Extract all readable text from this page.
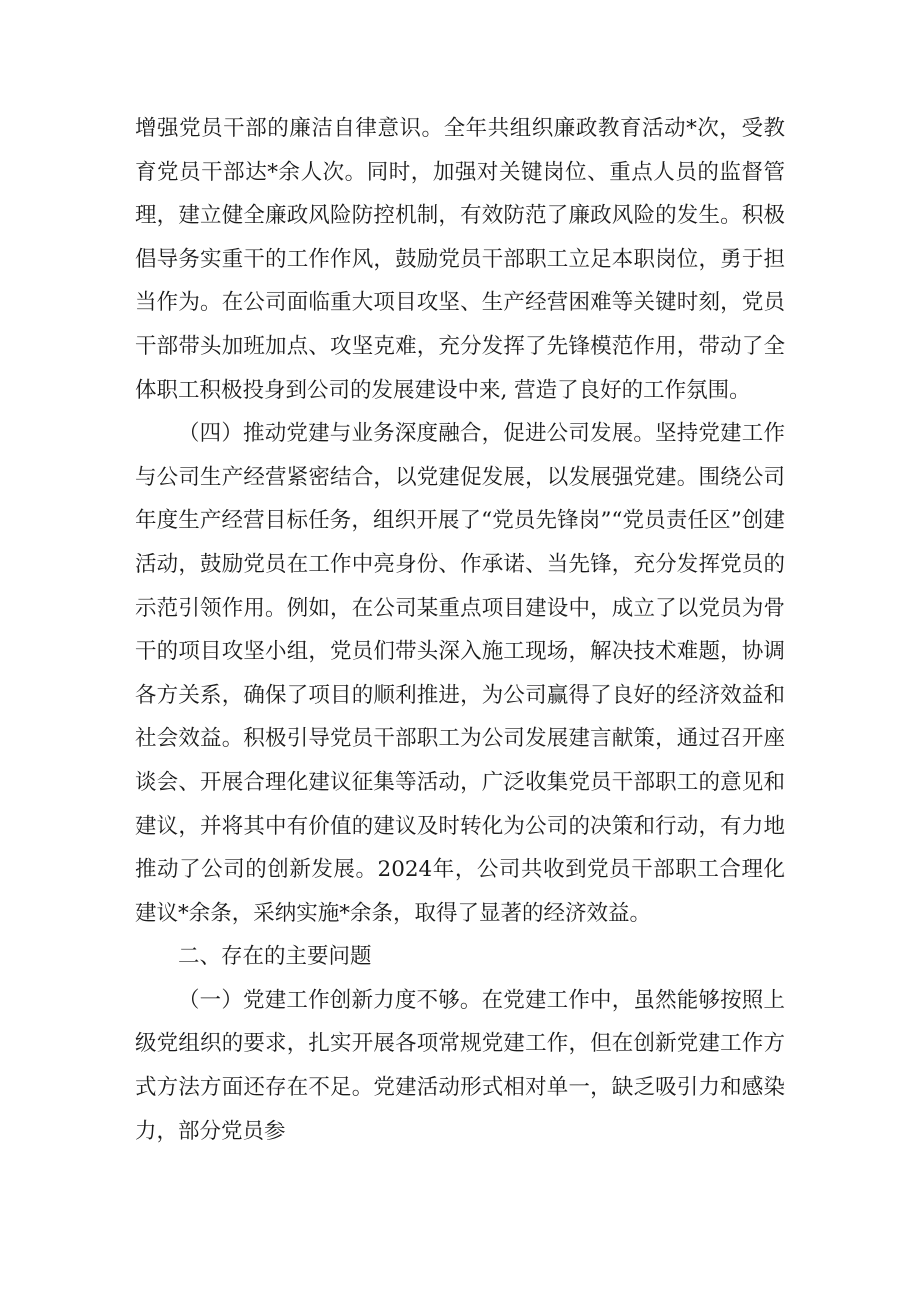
增强党员干部的廉洁自律意识。全年共组织廉政教育活动*次，受教育党员干部达*余人次。同时，加强对关键岗位、重点人员的监督管理，建立健全廉政风险防控机制，有效防范了廉政风险的发生。积极倡导务实重干的工作作风，鼓励党员干部职工立足本职岗位，勇于担当作为。在公司面临重大项目攻坚、生产经营困难等关键时刻，党员干部带头加班加点、攻坚克难，充分发挥了先锋模范作用，带动了全体职工积极投身到公司的发展建设中来, 营造了良好的工作氛围。

（四）推动党建与业务深度融合，促进公司发展。坚持党建工作与公司生产经营紧密结合，以党建促发展，以发展强党建。围绕公司年度生产经营目标任务，组织开展了“党员先锋岗”“党员责任区”创建活动，鼓励党员在工作中亮身份、作承诺、当先锋，充分发挥党员的示范引领作用。例如，在公司某重点项目建设中，成立了以党员为骨干的项目攻坚小组，党员们带头深入施工现场，解决技术难题，协调各方关系，确保了项目的顺利推进，为公司赢得了良好的经济效益和社会效益。积极引导党员干部职工为公司发展建言献策，通过召开座谈会、开展合理化建议征集等活动，广泛收集党员干部职工的意见和建议，并将其中有价值的建议及时转化为公司的决策和行动，有力地推动了公司的创新发展。2024年，公司共收到党员干部职工合理化建议*余条，采纳实施*余条，取得了显著的经济效益。

二、存在的主要问题

（一）党建工作创新力度不够。在党建工作中，虽然能够按照上级党组织的要求，扎实开展各项常规党建工作，但在创新党建工作方式方法方面还存在不足。党建活动形式相对单一，缺乏吸引力和感染力，部分党员参
